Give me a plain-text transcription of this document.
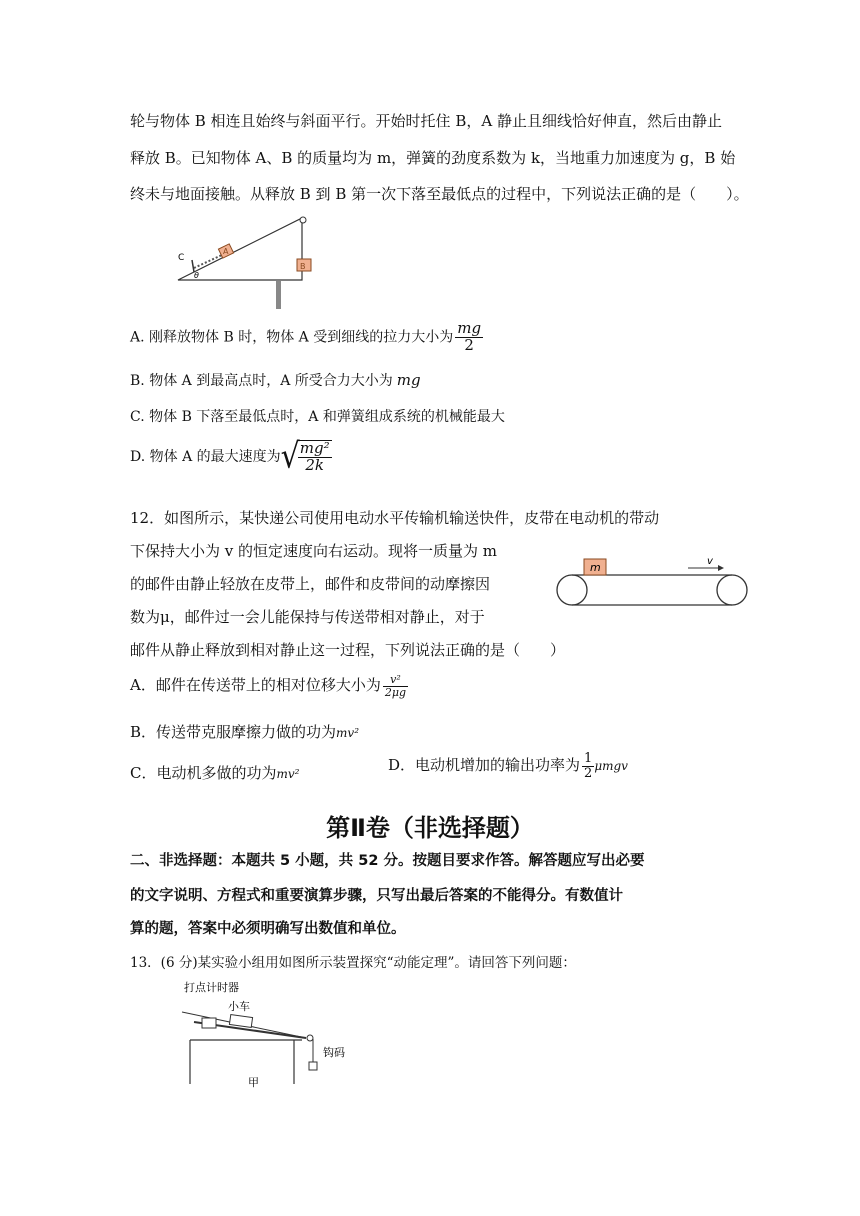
轮与物体 B 相连且始终与斜面平行。开始时托住 B，A 静止且细线恰好伸直，然后由静止
释放 B。已知物体 A、B 的质量均为 m，弹簧的劲度系数为 k，当地重力加速度为 g，B 始
终未与地面接触。从释放 B 到 B 第一次下落至最低点的过程中，下列说法正确的是（　　）。
C
A
B
θ
A. 刚释放物体 B 时，物体 A 受到细线的拉力大小为 $\frac{mg}{2}$
B. 物体 A 到最高点时，A 所受合力大小为 mg
C. 物体 B 下落至最低点时，A 和弹簧组成系统的机械能最大
D. 物体 A 的最大速度为√
$\frac{\text{mg²}}{2k}$
12．如图所示，某快递公司使用电动水平传输机输送快件，皮带在电动机的带动
下保持大小为 v 的恒定速度向右运动。现将一质量为 m
的邮件由静止轻放在皮带上，邮件和皮带间的动摩擦因
数为μ，邮件过一会儿能保持与传送带相对静止，对于
邮件从静止释放到相对静止这一过程，下列说法正确的是（　　）
m	v
A．邮件在传送带上的相对位移大小为 $\frac{\text{v²}}{2\mu g}$
B．传送带克服摩擦力做的功为mv²
C．电动机多做的功为mv²	D．电动机增加的输出功率为 $\frac{1}{2}$ μmgv
第Ⅱ卷（非选择题）
二、非选择题：本题共 5 小题，共 52 分。按题目要求作答。解答题应写出必要
的文字说明、方程式和重要演算步骤，只写出最后答案的不能得分。有数值计
算的题，答案中必须明确写出数值和单位。
13．(6 分)某实验小组用如图所示装置探究“动能定理”。请回答下列问题：
打点计时器
小车
钩码
甲
